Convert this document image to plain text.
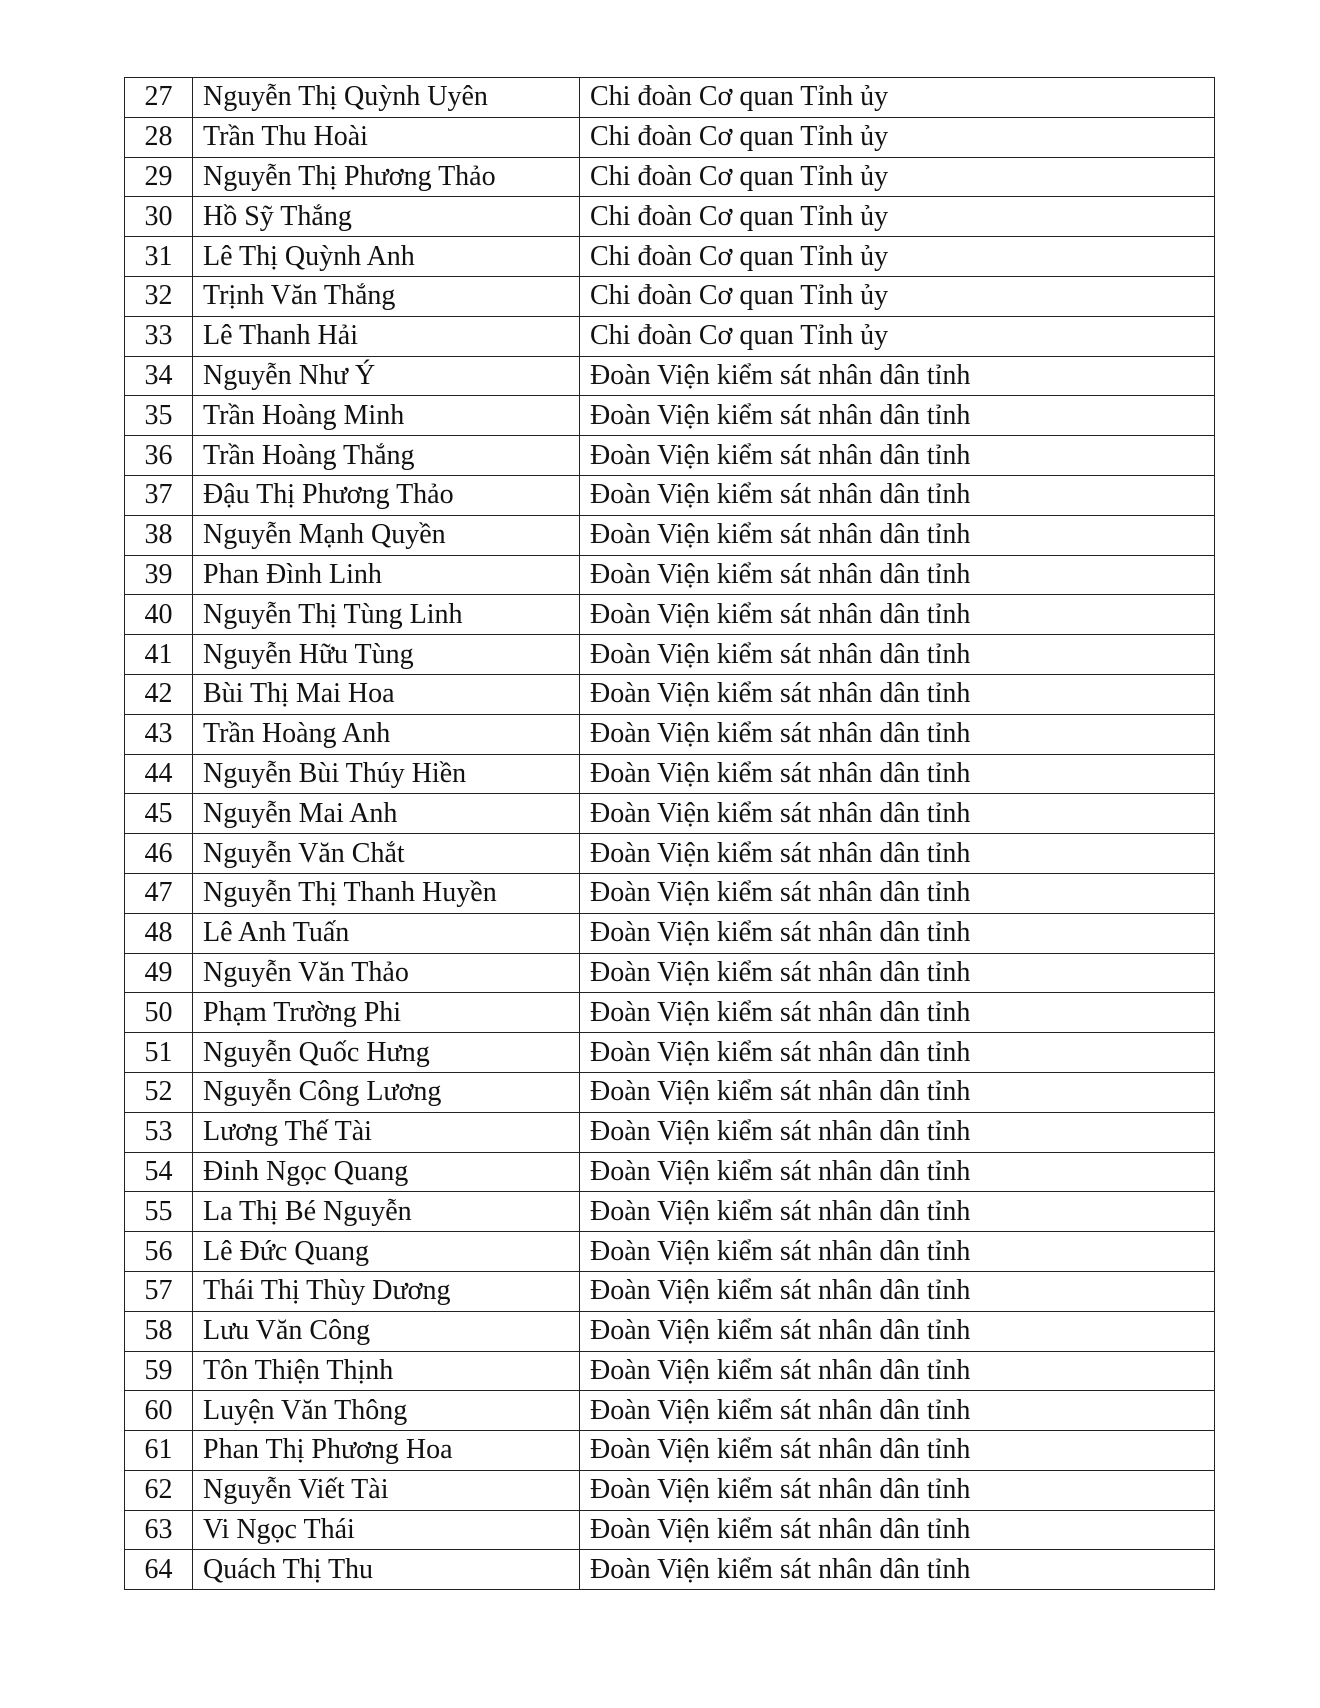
27	Nguyễn Thị Quỳnh Uyên	Chi đoàn Cơ quan Tỉnh ủy
28	Trần Thu Hoài	Chi đoàn Cơ quan Tỉnh ủy
29	Nguyễn Thị Phương Thảo	Chi đoàn Cơ quan Tỉnh ủy
30	Hồ Sỹ Thắng	Chi đoàn Cơ quan Tỉnh ủy
31	Lê Thị Quỳnh Anh	Chi đoàn Cơ quan Tỉnh ủy
32	Trịnh Văn Thắng	Chi đoàn Cơ quan Tỉnh ủy
33	Lê Thanh Hải	Chi đoàn Cơ quan Tỉnh ủy
34	Nguyễn Như Ý	Đoàn Viện kiểm sát nhân dân tỉnh
35	Trần Hoàng Minh	Đoàn Viện kiểm sát nhân dân tỉnh
36	Trần Hoàng Thắng	Đoàn Viện kiểm sát nhân dân tỉnh
37	Đậu Thị Phương Thảo	Đoàn Viện kiểm sát nhân dân tỉnh
38	Nguyễn Mạnh Quyền	Đoàn Viện kiểm sát nhân dân tỉnh
39	Phan Đình Linh	Đoàn Viện kiểm sát nhân dân tỉnh
40	Nguyễn Thị Tùng Linh	Đoàn Viện kiểm sát nhân dân tỉnh
41	Nguyễn Hữu Tùng	Đoàn Viện kiểm sát nhân dân tỉnh
42	Bùi Thị Mai Hoa	Đoàn Viện kiểm sát nhân dân tỉnh
43	Trần Hoàng Anh	Đoàn Viện kiểm sát nhân dân tỉnh
44	Nguyễn Bùi Thúy Hiền	Đoàn Viện kiểm sát nhân dân tỉnh
45	Nguyễn Mai Anh	Đoàn Viện kiểm sát nhân dân tỉnh
46	Nguyễn Văn Chắt	Đoàn Viện kiểm sát nhân dân tỉnh
47	Nguyễn Thị Thanh Huyền	Đoàn Viện kiểm sát nhân dân tỉnh
48	Lê Anh Tuấn	Đoàn Viện kiểm sát nhân dân tỉnh
49	Nguyễn Văn Thảo	Đoàn Viện kiểm sát nhân dân tỉnh
50	Phạm Trường Phi	Đoàn Viện kiểm sát nhân dân tỉnh
51	Nguyễn Quốc Hưng	Đoàn Viện kiểm sát nhân dân tỉnh
52	Nguyễn Công Lương	Đoàn Viện kiểm sát nhân dân tỉnh
53	Lương Thế Tài	Đoàn Viện kiểm sát nhân dân tỉnh
54	Đinh Ngọc Quang	Đoàn Viện kiểm sát nhân dân tỉnh
55	La Thị Bé Nguyễn	Đoàn Viện kiểm sát nhân dân tỉnh
56	Lê Đức Quang	Đoàn Viện kiểm sát nhân dân tỉnh
57	Thái Thị Thùy Dương	Đoàn Viện kiểm sát nhân dân tỉnh
58	Lưu Văn Công	Đoàn Viện kiểm sát nhân dân tỉnh
59	Tôn Thiện Thịnh	Đoàn Viện kiểm sát nhân dân tỉnh
60	Luyện Văn Thông	Đoàn Viện kiểm sát nhân dân tỉnh
61	Phan Thị Phương Hoa	Đoàn Viện kiểm sát nhân dân tỉnh
62	Nguyễn Viết Tài	Đoàn Viện kiểm sát nhân dân tỉnh
63	Vi Ngọc Thái	Đoàn Viện kiểm sát nhân dân tỉnh
64	Quách Thị Thu	Đoàn Viện kiểm sát nhân dân tỉnh
